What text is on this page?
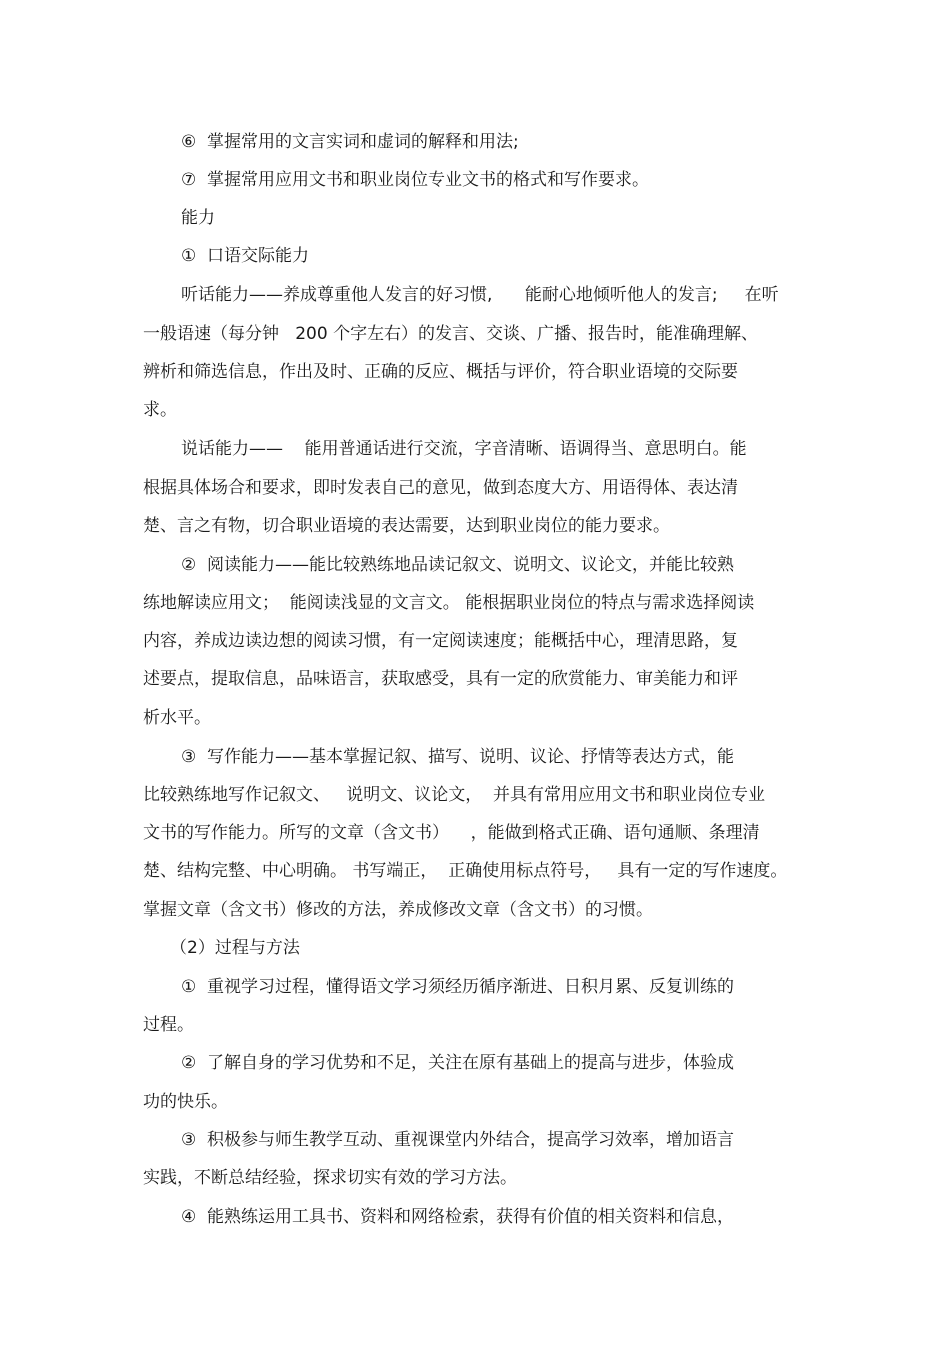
⑥  掌握常用的文言实词和虚词的解释和用法;
⑦  掌握常用应用文书和职业岗位专业文书的格式和写作要求。
能力
①  口语交际能力
听话能力——养成尊重他人发言的好习惯,      能耐心地倾听他人的发言;     在听
一般语速（每分钟   200 个字左右）的发言、交谈、广播、报告时，能准确理解、
辨析和筛选信息，作出及时、正确的反应、概括与评价，符合职业语境的交际要
求。
说话能力——    能用普通话进行交流，字音清晰、语调得当、意思明白。能
根据具体场合和要求，即时发表自己的意见，做到态度大方、用语得体、表达清
楚、言之有物，切合职业语境的表达需要，达到职业岗位的能力要求。
②  阅读能力——能比较熟练地品读记叙文、说明文、议论文，并能比较熟
练地解读应用文；  能阅读浅显的文言文。 能根据职业岗位的特点与需求选择阅读
内容，养成边读边想的阅读习惯，有一定阅读速度；能概括中心，理清思路，复
述要点，提取信息，品味语言，获取感受，具有一定的欣赏能力、审美能力和评
析水平。
③  写作能力——基本掌握记叙、描写、说明、议论、抒情等表达方式，能
比较熟练地写作记叙文、   说明文、议论文，  并具有常用应用文书和职业岗位专业
文书的写作能力。所写的文章（含文书）    ，能做到格式正确、语句通顺、条理清
楚、结构完整、中心明确。 书写端正，  正确使用标点符号，   具有一定的写作速度。
掌握文章（含文书）修改的方法，养成修改文章（含文书）的习惯。
（2）过程与方法
①  重视学习过程，懂得语文学习须经历循序渐进、日积月累、反复训练的
过程。
②  了解自身的学习优势和不足，关注在原有基础上的提高与进步，体验成
功的快乐。
③  积极参与师生教学互动、重视课堂内外结合，提高学习效率，增加语言
实践，不断总结经验，探求切实有效的学习方法。
④  能熟练运用工具书、资料和网络检索，获得有价值的相关资料和信息，
